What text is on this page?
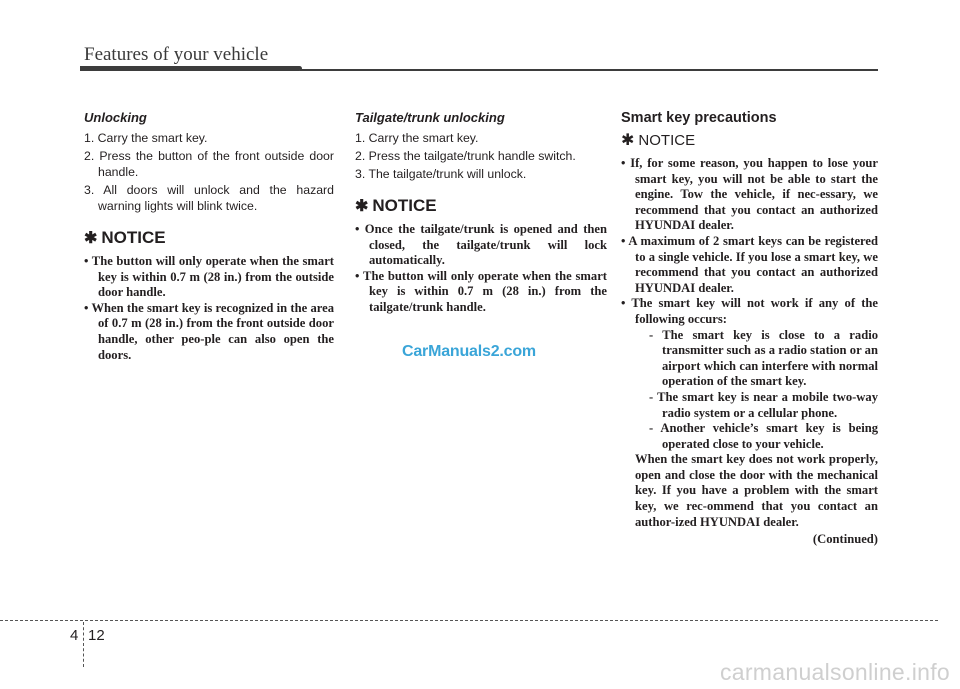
Features of your vehicle

Unlocking

1. Carry the smart key.
2. Press the button of the front outside door handle.
3. All doors will unlock and the hazard warning lights will blink twice.
✱ NOTICE
• The button will only operate when the smart key is within 0.7 m (28 in.) from the outside door handle.
• When the smart key is recognized in the area of 0.7 m (28 in.) from the front outside door handle, other peo-ple can also open the doors.

Tailgate/trunk unlocking

1. Carry the smart key.
2. Press the tailgate/trunk handle switch.
3. The tailgate/trunk will unlock.
✱ NOTICE
• Once the tailgate/trunk is opened and then closed, the tailgate/trunk will lock automatically.
• The button will only operate when the smart key is within 0.7 m (28 in.) from the tailgate/trunk handle.

Smart key precautions

✱ NOTICE
• If, for some reason, you happen to lose your smart key, you will not be able to start the engine. Tow the vehicle, if nec-essary, we recommend that you contact an authorized HYUNDAI dealer.
• A maximum of 2 smart keys can be registered to a single vehicle. If you lose a smart key, we recommend that you contact an authorized HYUNDAI dealer.
• The smart key will not work if any of the following occurs:
- The smart key is close to a radio transmitter such as a radio station or an airport which can interfere with normal operation of the smart key.
- The smart key is near a mobile two-way radio system or a cellular phone.
- Another vehicle’s smart key is being operated close to your vehicle.

When the smart key does not work properly, open and close the door with the mechanical key. If you have a problem with the smart key, we rec-ommend that you contact an author-ized HYUNDAI dealer.

(Continued)

CarManuals2.com
4 12
carmanualsonline.info
